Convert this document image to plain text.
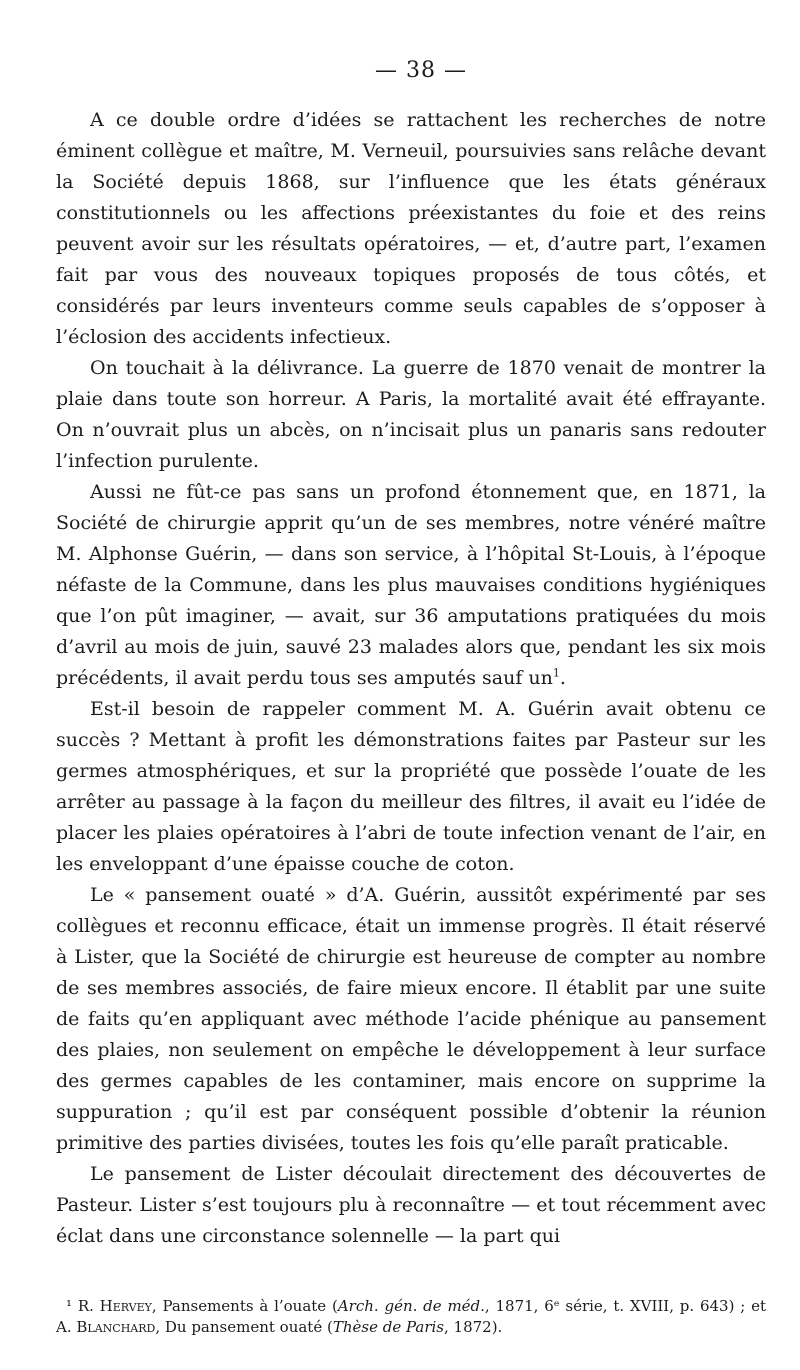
— 38 —

A ce double ordre d’idées se rattachent les recherches de notre éminent collègue et maître, M. Verneuil, poursuivies sans relâche devant la Société depuis 1868, sur l’influence que les états généraux constitutionnels ou les affections préexistantes du foie et des reins peuvent avoir sur les résultats opératoires, — et, d’autre part, l’examen fait par vous des nouveaux topiques proposés de tous côtés, et considérés par leurs inventeurs comme seuls capables de s’opposer à l’éclosion des accidents infectieux.

On touchait à la délivrance. La guerre de 1870 venait de montrer la plaie dans toute son horreur. A Paris, la mortalité avait été effrayante. On n’ouvrait plus un abcès, on n’incisait plus un panaris sans redouter l’infection purulente.

Aussi ne fût-ce pas sans un profond étonnement que, en 1871, la Société de chirurgie apprit qu’un de ses membres, notre vénéré maître M. Alphonse Guérin, — dans son service, à l’hôpital St-Louis, à l’époque néfaste de la Commune, dans les plus mauvaises conditions hygiéniques que l’on pût imaginer, — avait, sur 36 amputations pratiquées du mois d’avril au mois de juin, sauvé 23 malades alors que, pendant les six mois précédents, il avait perdu tous ses amputés sauf $un^1$.

Est-il besoin de rappeler comment M. A. Guérin avait obtenu ce succès ? Mettant à profit les démonstrations faites par Pasteur sur les germes atmosphériques, et sur la propriété que possède l’ouate de les arrêter au passage à la façon du meilleur des filtres, il avait eu l’idée de placer les plaies opératoires à l’abri de toute infection venant de l’air, en les enveloppant d’une épaisse couche de coton.

Le « pansement ouaté » d’A. Guérin, aussitôt expérimenté par ses collègues et reconnu efficace, était un immense progrès. Il était réservé à Lister, que la Société de chirurgie est heureuse de compter au nombre de ses membres associés, de faire mieux encore. Il établit par une suite de faits qu’en appliquant avec méthode l’acide phénique au pansement des plaies, non seulement on empêche le développement à leur surface des germes capables de les contaminer, mais encore on supprime la suppuration ; qu’il est par conséquent possible d’obtenir la réunion primitive des parties divisées, toutes les fois qu’elle paraît praticable.

Le pansement de Lister découlait directement des découvertes de Pasteur. Lister s’est toujours plu à reconnaître — et tout récemment avec éclat dans une circonstance solennelle — la part qui

¹ R. Hervey, Pansements à l’ouate (Arch. gén. de méd., 1871, 6ᵉ série, t. XVIII, p. 643) ; et A. Blanchard, Du pansement ouaté (Thèse de Paris, 1872).
